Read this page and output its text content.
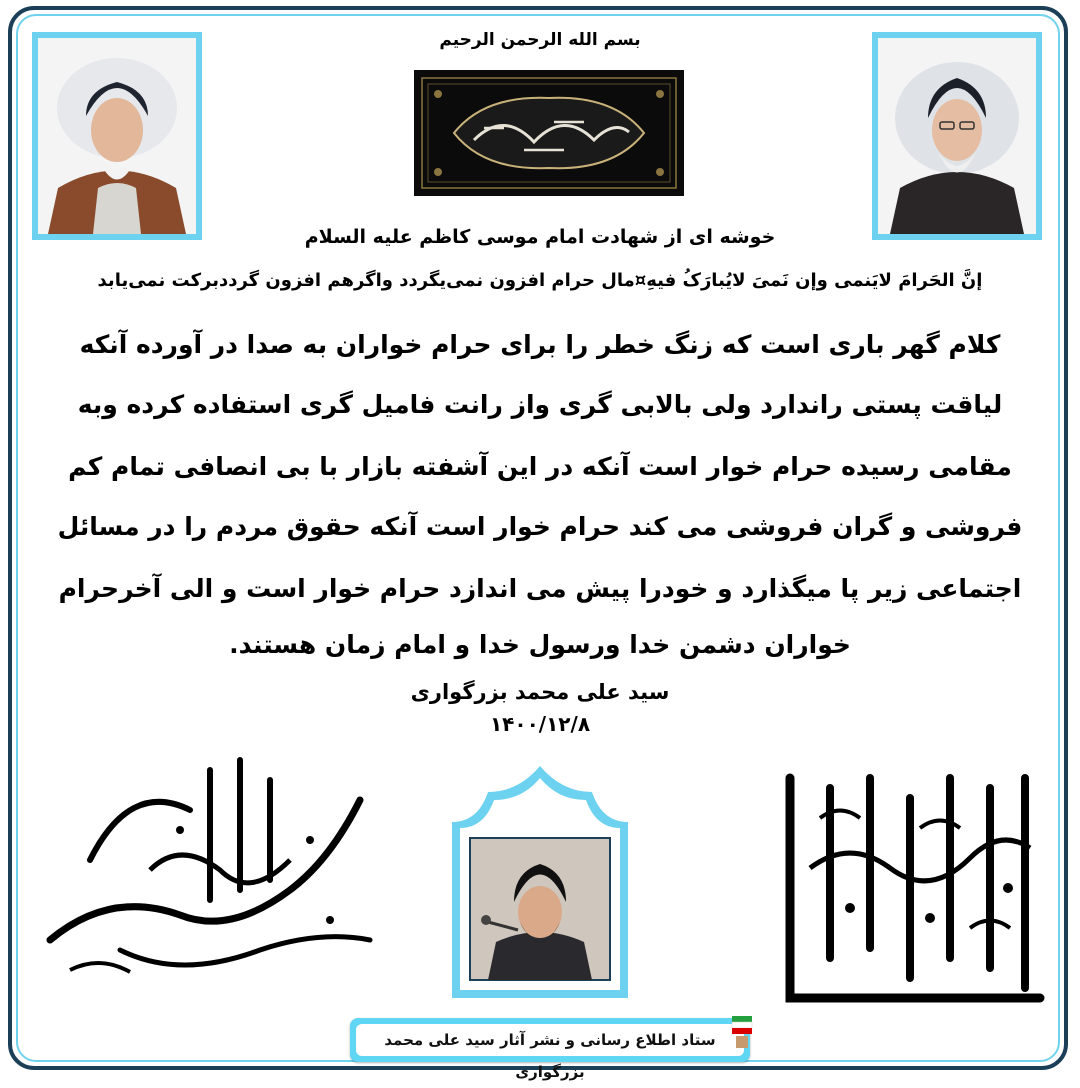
بسم الله الرحمن الرحیم
خوشه ای از شهادت امام موسی کاظم علیه السلام
إنَّ الحَرامَ لایَنمی وإن نَمیَ لایُبارَکُ فیهِ¤مال حرام افزون نمی‌یگردد واگرهم افزون گرددبرکت نمی‌یابد
کلام گهر باری است که زنگ خطر را برای حرام خواران به صدا در آورده آنکه
لیاقت پستی راندارد ولی بالابی گری واز رانت فامیل گری استفاده کرده وبه
مقامی رسیده حرام خوار است آنکه در این آشفته بازار با بی انصافی تمام کم
فروشی و گران فروشی می کند حرام خوار است آنکه حقوق مردم را در مسائل
اجتماعی زیر پا میگذارد و خودرا پیش می اندازد حرام خوار است و الی آخرحرام
خواران دشمن خدا ورسول خدا و امام زمان هستند.
سید علی محمد بزرگواری
۱۴۰۰/۱۲/۸
ستاد اطلاع رسانی و نشر آثار سید علی محمد بزرگواری
